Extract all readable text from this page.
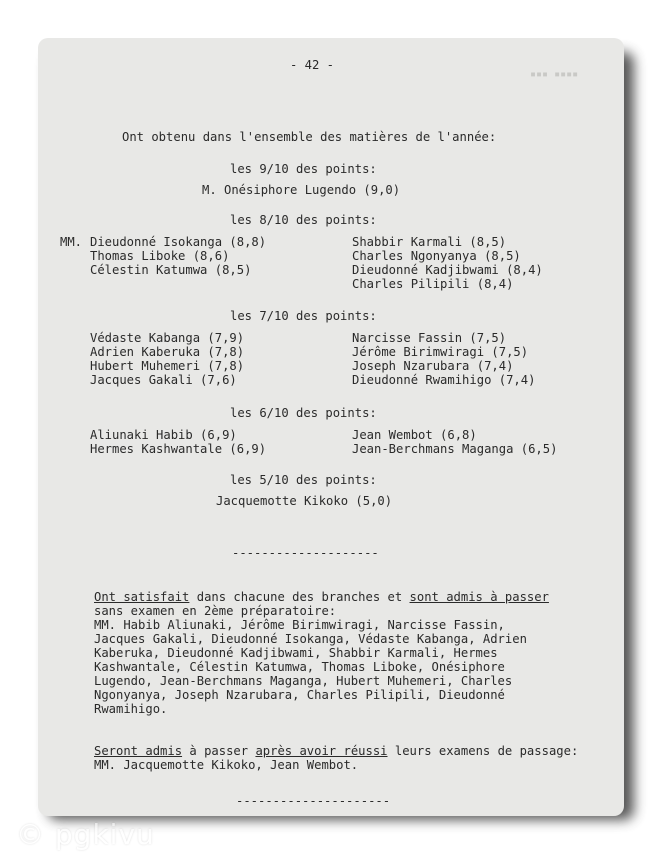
▪▪▪ ▪▪▪▪
- 42 -
Ont obtenu dans l'ensemble des matières de l'année:
les 9/10 des points:
M. Onésiphore Lugendo (9,0)
les 8/10 des points:
MM. Dieudonné Isokanga (8,8)
Thomas Liboke (8,6)
Célestin Katumwa (8,5)
Shabbir Karmali (8,5)
Charles Ngonyanya (8,5)
Dieudonné Kadjibwami (8,4)
Charles Pilipili (8,4)
les 7/10 des points:
Védaste Kabanga (7,9)
Adrien Kaberuka (7,8)
Hubert Muhemeri (7,8)
Jacques Gakali (7,6)
Narcisse Fassin (7,5)
Jérôme Birimwiragi (7,5)
Joseph Nzarubara (7,4)
Dieudonné Rwamihigo (7,4)
les 6/10 des points:
Aliunaki Habib (6,9)
Hermes Kashwantale (6,9)
Jean Wembot (6,8)
Jean-Berchmans Maganga (6,5)
les 5/10 des points:
Jacquemotte Kikoko (5,0)
--------------------
Ont satisfait dans chacune des branches et sont admis à passer
sans examen en 2ème préparatoire:
MM. Habib Aliunaki, Jérôme Birimwiragi, Narcisse Fassin,
Jacques Gakali, Dieudonné Isokanga, Védaste Kabanga, Adrien
Kaberuka, Dieudonné Kadjibwami, Shabbir Karmali, Hermes
Kashwantale, Célestin Katumwa, Thomas Liboke, Onésiphore
Lugendo, Jean-Berchmans Maganga, Hubert Muhemeri, Charles
Ngonyanya, Joseph Nzarubara, Charles Pilipili, Dieudonné
Rwamihigo.
Seront admis à passer après avoir réussi leurs examens de passage:
MM. Jacquemotte Kikoko, Jean Wembot.
---------------------
© pgkivu
